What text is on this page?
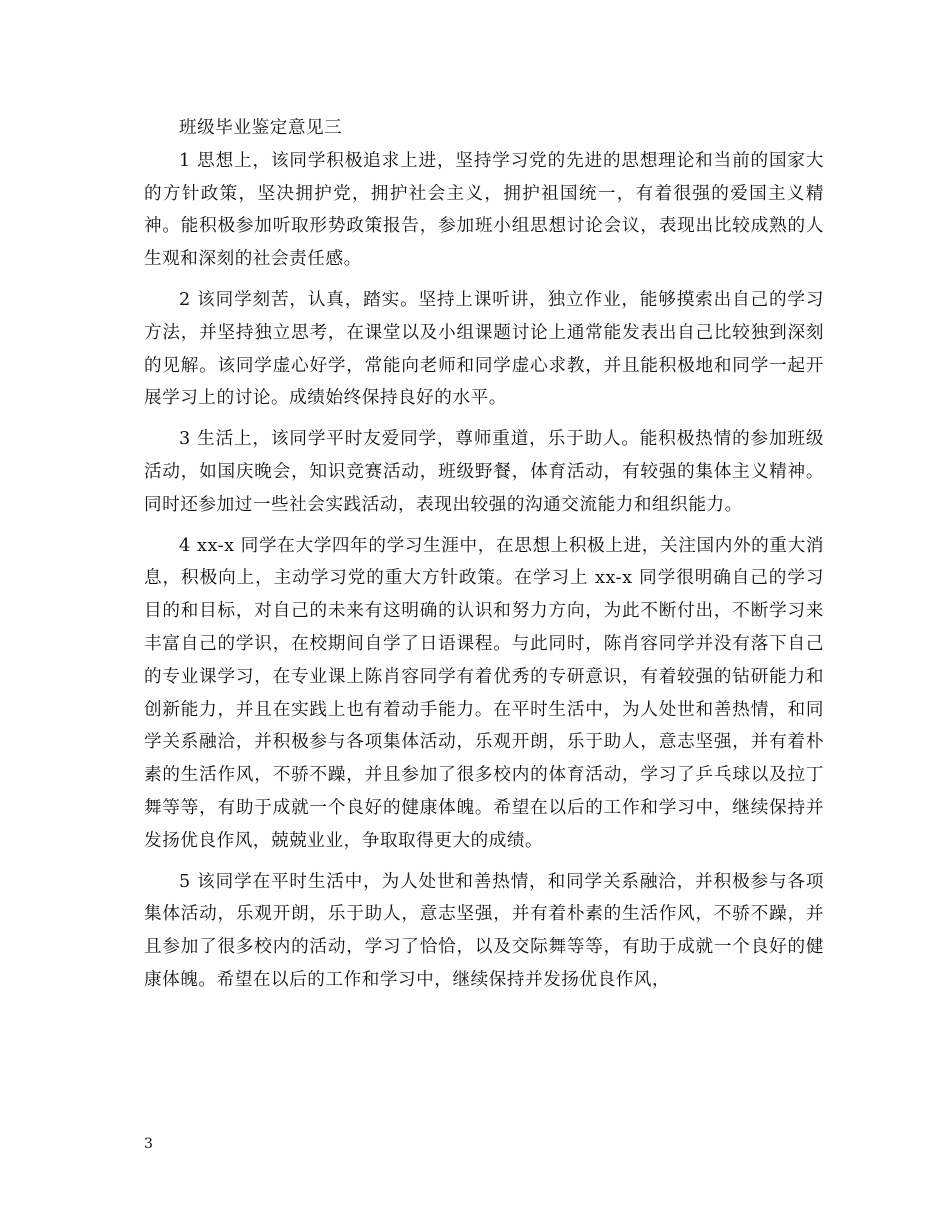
班级毕业鉴定意见三

1 思想上，该同学积极追求上进，坚持学习党的先进的思想理论和当前的国家大的方针政策，坚决拥护党，拥护社会主义，拥护祖国统一，有着很强的爱国主义精神。能积极参加听取形势政策报告，参加班小组思想讨论会议，表现出比较成熟的人生观和深刻的社会责任感。

2 该同学刻苦，认真，踏实。坚持上课听讲，独立作业，能够摸索出自己的学习方法，并坚持独立思考，在课堂以及小组课题讨论上通常能发表出自己比较独到深刻的见解。该同学虚心好学，常能向老师和同学虚心求教，并且能积极地和同学一起开展学习上的讨论。成绩始终保持良好的水平。

3 生活上，该同学平时友爱同学，尊师重道，乐于助人。能积极热情的参加班级活动，如国庆晚会，知识竞赛活动，班级野餐，体育活动，有较强的集体主义精神。同时还参加过一些社会实践活动，表现出较强的沟通交流能力和组织能力。

4 xx-x 同学在大学四年的学习生涯中，在思想上积极上进，关注国内外的重大消息，积极向上，主动学习党的重大方针政策。在学习上 xx-x 同学很明确自己的学习目的和目标，对自己的未来有这明确的认识和努力方向，为此不断付出，不断学习来丰富自己的学识，在校期间自学了日语课程。与此同时，陈肖容同学并没有落下自己的专业课学习，在专业课上陈肖容同学有着优秀的专研意识，有着较强的钻研能力和创新能力，并且在实践上也有着动手能力。在平时生活中，为人处世和善热情，和同学关系融洽，并积极参与各项集体活动，乐观开朗，乐于助人，意志坚强，并有着朴素的生活作风，不骄不躁，并且参加了很多校内的体育活动，学习了乒乓球以及拉丁舞等等，有助于成就一个良好的健康体魄。希望在以后的工作和学习中，继续保持并发扬优良作风，兢兢业业，争取取得更大的成绩。

5 该同学在平时生活中，为人处世和善热情，和同学关系融洽，并积极参与各项集体活动，乐观开朗，乐于助人，意志坚强，并有着朴素的生活作风，不骄不躁，并且参加了很多校内的活动，学习了恰恰，以及交际舞等等，有助于成就一个良好的健康体魄。希望在以后的工作和学习中，继续保持并发扬优良作风，

3
